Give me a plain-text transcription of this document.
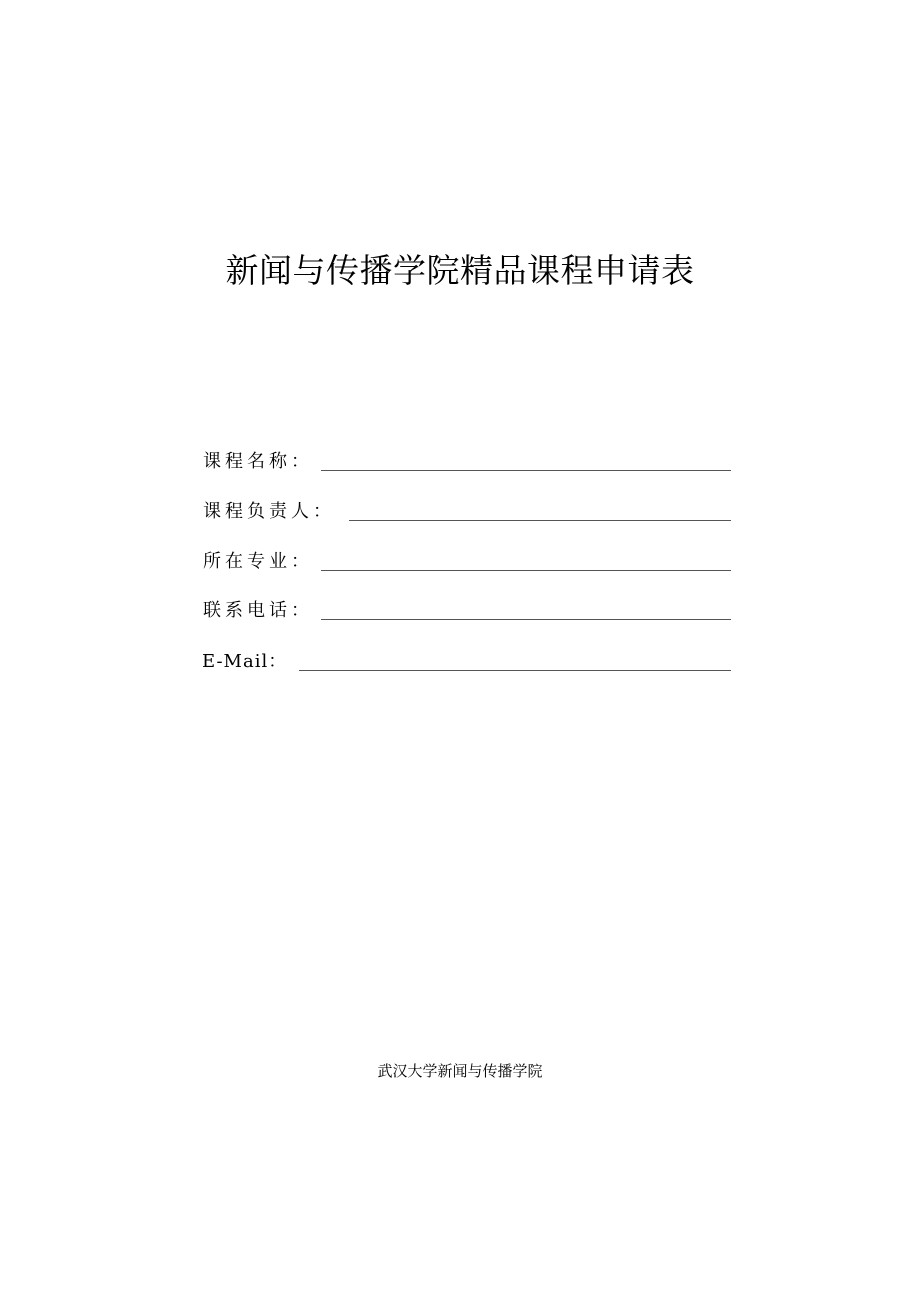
新闻与传播学院精品课程申请表
课程名称：
课程负责人：
所在专业：
联系电话：
E-Mail：
武汉大学新闻与传播学院
